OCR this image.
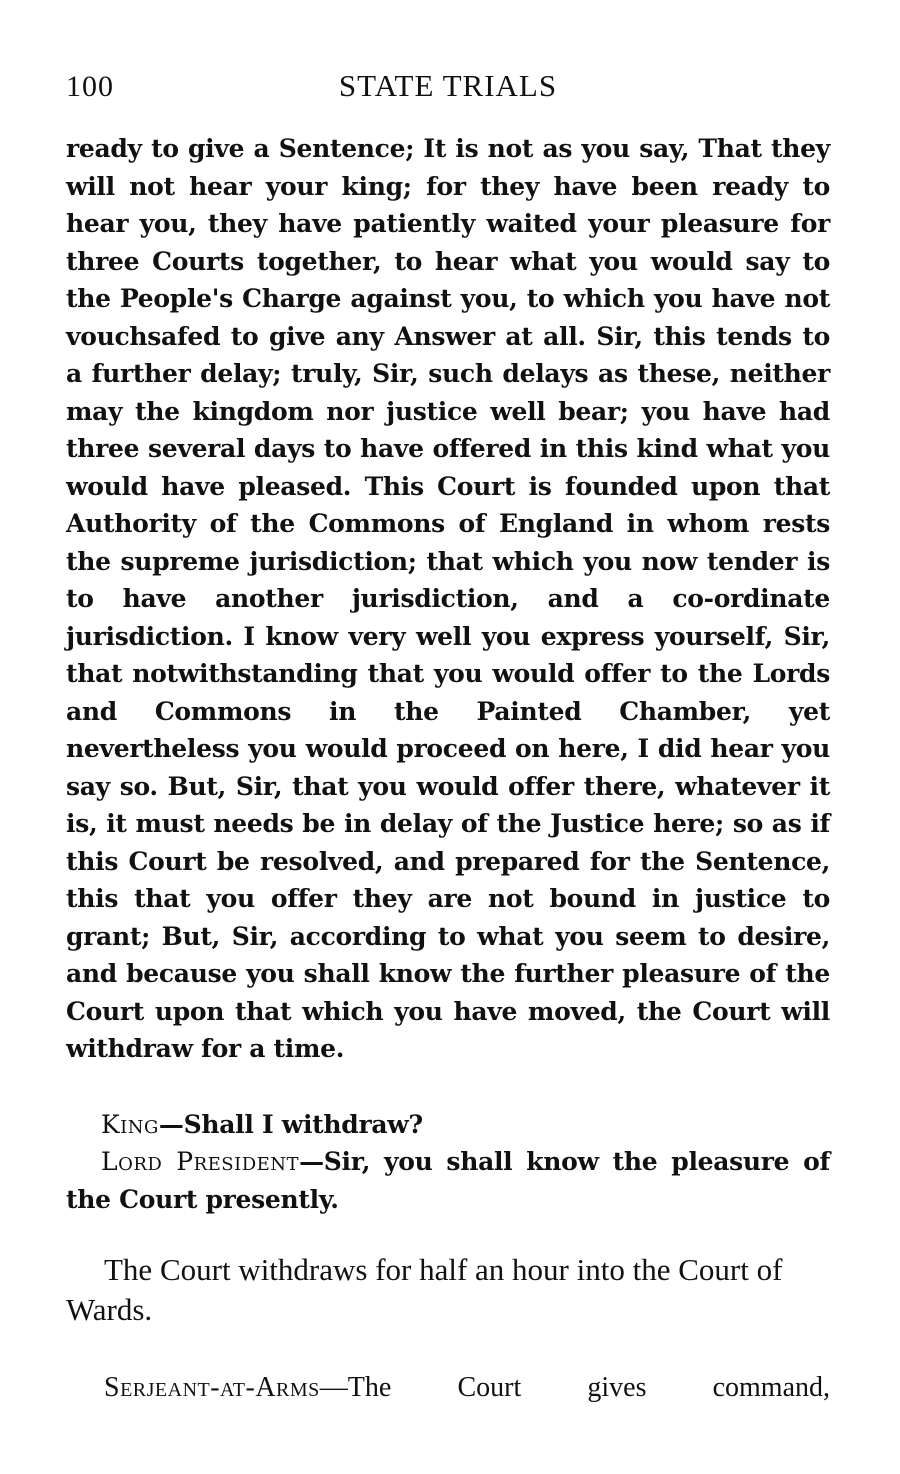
100	STATE TRIALS

ready to give a Sentence; It is not as you say, That they will not hear your king; for they have been ready to hear you, they have patiently waited your pleasure for three Courts together, to hear what you would say to the People's Charge against you, to which you have not vouchsafed to give any Answer at all. Sir, this tends to a further delay; truly, Sir, such delays as these, neither may the kingdom nor justice well bear; you have had three several days to have offered in this kind what you would have pleased. This Court is founded upon that Authority of the Commons of England in whom rests the supreme jurisdiction; that which you now tender is to have another jurisdiction, and a co-ordinate jurisdiction. I know very well you express yourself, Sir, that notwithstanding that you would offer to the Lords and Commons in the Painted Chamber, yet nevertheless you would proceed on here, I did hear you say so. But, Sir, that you would offer there, whatever it is, it must needs be in delay of the Justice here; so as if this Court be resolved, and prepared for the Sentence, this that you offer they are not bound in justice to grant; But, Sir, according to what you seem to desire, and because you shall know the further pleasure of the Court upon that which you have moved, the Court will withdraw for a time.

King—Shall I withdraw?

Lord President—Sir, you shall know the pleasure of the Court presently.

The Court withdraws for half an hour into the Court of Wards.

Serjeant-at-Arms—The Court gives command,
